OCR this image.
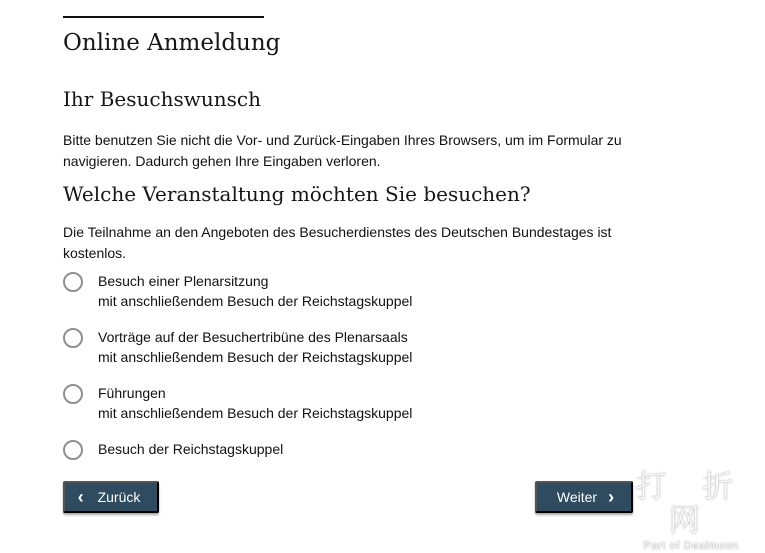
Online Anmeldung
Ihr Besuchswunsch

Bitte benutzen Sie nicht die Vor- und Zurück-Eingaben Ihres Browsers, um im Formular zu navigieren. Dadurch gehen Ihre Eingaben verloren.

Welche Veranstaltung möchten Sie besuchen?

Die Teilnahme an den Angeboten des Besucherdienstes des Deutschen Bundestages ist kostenlos.

Besuch einer Plenarsitzung
mit anschließendem Besuch der Reichstagskuppel
Vorträge auf der Besuchertribüne des Plenarsaals
mit anschließendem Besuch der Reichstagskuppel
Führungen
mit anschließendem Besuch der Reichstagskuppel
Besuch der Reichstagskuppel
‹ Zurück	Weiter › 打 折 网
Part of Dealmoon
